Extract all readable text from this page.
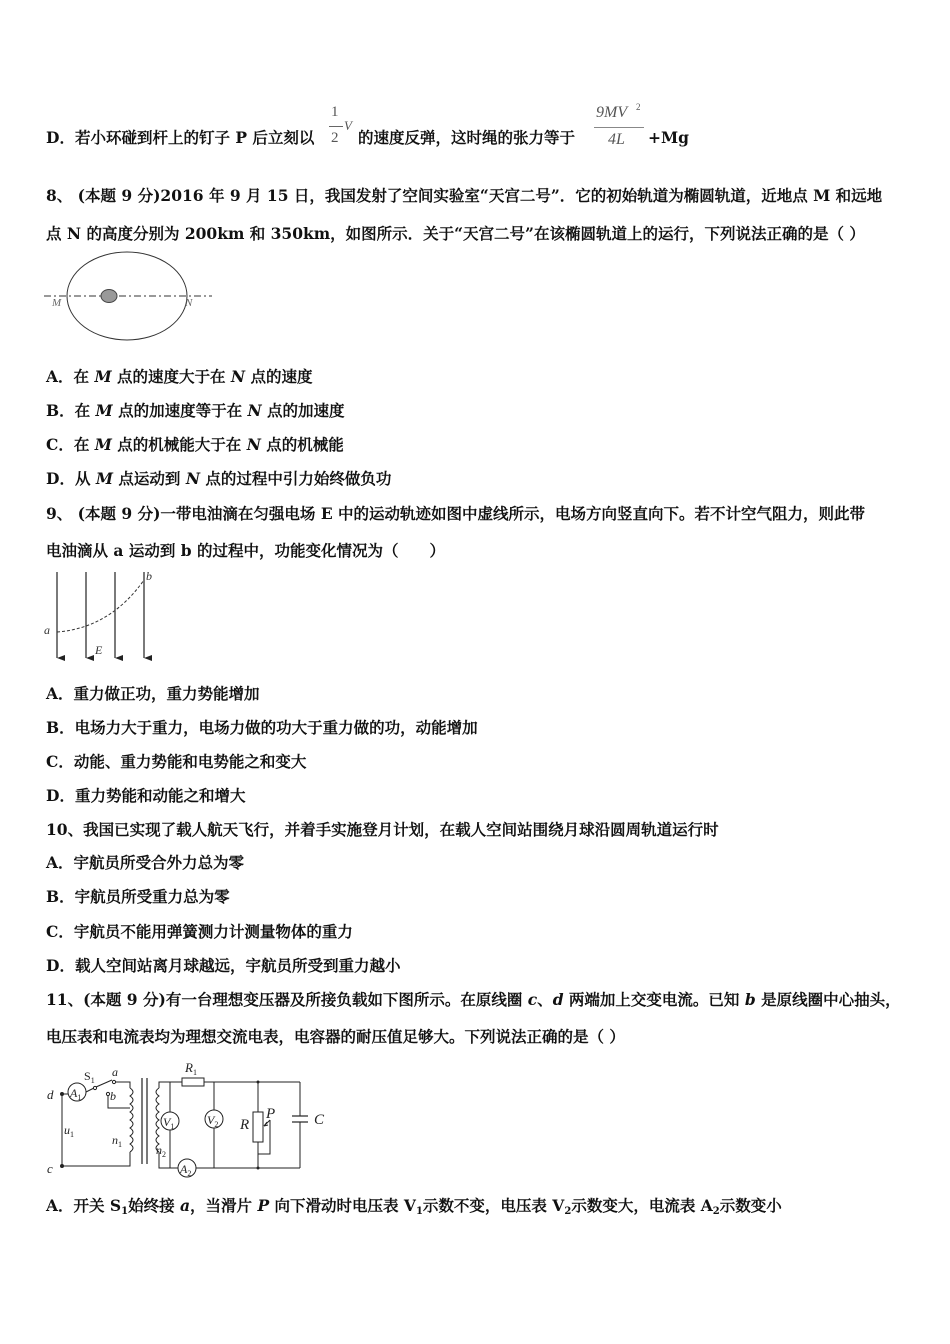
D．若小环碰到杆上的钉子 P 后立刻以
1
2
V
的速度反弹，这时绳的张力等于
9MV 2
4L +Mg
8、 (本题 9 分)2016 年 9 月 15 日，我国发射了空间实验室“天宫二号”．它的初始轨道为椭圆轨道，近地点 M 和远地
点 N 的高度分别为 200km 和 350km，如图所示．关于“天宫二号”在该椭圆轨道上的运行，下列说法正确的是（ ）
M	N
A．在 M 点的速度大于在 N 点的速度
B．在 M 点的加速度等于在 N 点的加速度
C．在 M 点的机械能大于在 N 点的机械能
D．从 M 点运动到 N 点的过程中引力始终做负功
9、 (本题 9 分)一带电油滴在匀强电场 E 中的运动轨迹如图中虚线所示，电场方向竖直向下。若不计空气阻力，则此带
电油滴从 a 运动到 b 的过程中，功能变化情况为（　　）
a
b
E
A．重力做正功，重力势能增加
B．电场力大于重力，电场力做的功大于重力做的功，动能增加
C．动能、重力势能和电势能之和变大
D．重力势能和动能之和增大
10、我国已实现了载人航天飞行，并着手实施登月计划，在载人空间站围绕月球沿圆周轨道运行时
A．宇航员所受合外力总为零
B．宇航员所受重力总为零
C．宇航员不能用弹簧测力计测量物体的重力
D．载人空间站离月球越远，宇航员所受到重力越小
11、(本题 9 分)有一台理想变压器及所接负载如下图所示。在原线圈 c、d 两端加上交变电流。已知 b 是原线圈中心抽头，
电压表和电流表均为理想交流电表，电容器的耐压值足够大。下列说法正确的是（ ）
d
c
$u_1$
$A_1$
$S_1$
a
b
$n_1$	$n_2$
$R_1$
$A_2$
$V_1$	$V_2$ R
P	C
A．开关 $S_1$始终接 a，当滑片 P 向下滑动时电压表 $V_1$示数不变，电压表 $V_2$示数变大，电流表 $A_2$示数变小
